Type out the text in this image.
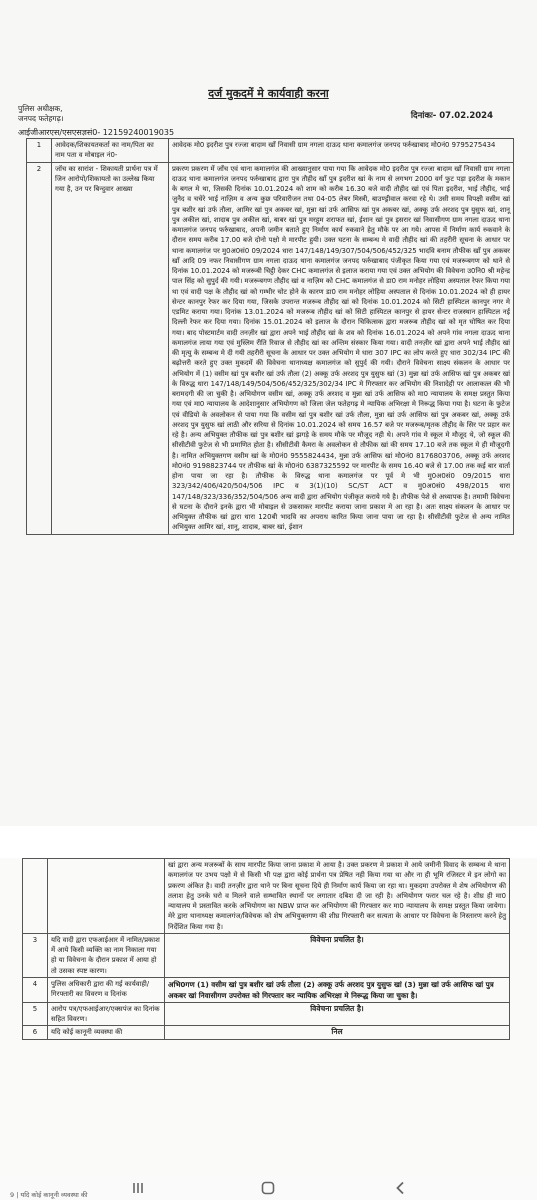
दर्ज मुकदमें मे कार्यवाही करना
पुलिस अधीक्षक,
जनपद फतेहगढ़।	दिनांकः- 07.02.2024
आईजीआरएस/एसएसज्ञसं0- 12159240019035
1	आवेदक/शिकायतकर्ता का नाम/पिता का नाम पता व मोबाइल नं0-	आवेदक मो0 इदरीश पुत्र रज्जा बादाम खाँ निवासी ग्राम नगला दाऊद थाना कमालगंज जनपद फर्रुखाबाद मो0नं0 9795275434
2	जॉच का सारांश - शिकायती प्रार्थना पत्र में जिन आरोपो/शिकायतो का उल्लेख किया गया है, उन पर बिन्दुवार आख्या	प्रकरण प्रकरण में जाँच एवं थाना कमालगंज की आख्यानुसार पाया गया कि आवेदक मो0 इदरीश पुत्र रज्जा बादाम खाँ निवासी ग्राम नगला दाऊद थाना कमालगंज जनपद फर्रुखाबाद द्वारा पुत्र तौहीद खाँ पुत्र इदरीश खां के नाम से लगभग 2000 वर्ग फुट पड़ा इदरीश के मकान के बगल मे था, जिसकी दिनांक 10.01.2024 को शाम को करीब 16.30 बजे वादी तौहीद खां एवं पिता इदरीश, भाई तौहीद, भाई जुनैद व चचेरे भाई नाज़िम व अन्य कुछ परिवारीजन तथा 04-05 लेबर मिस्त्री, बाउण्ड्रीवाल करवा रहे थे। उसी समय विपक्षी वसीम खां पुत्र बशीर खां उर्फ तौला, आमिर खां पुत्र अकबर खां, मुन्ना खां उर्फ आसिफ खां पुत्र अकबर खां, अक्कू उर्फ अरशद पुत्र युसुफ खां, शानू पुत्र अकील खां, शादाब पुत्र अकील खां, बाबर खां पुत्र मरहूम शराफत खां, ईशान खां पुत्र इसरार खां निवासीगण ग्राम नगला दाऊद थाना कमालगंज जनपद फर्रुखाबाद, अपनी जमीन बताते हुए निर्माण कार्य रुकवाने हेतु मौके पर आ गये। आपस में निर्माण कार्य रुकवाने के दौरान समय करीब 17.00 बजे दोनो पक्षो मे मारपीट हुयी। उक्त घटना के सम्बन्ध मे वादी तौहीद खां की तहरीरी सूचना के आधार पर थाना कमालगंज पर मु0अ0सं0 09/2024 धारा 147/148/149/307/504/506/452/325 भादवि बनाम तौफीक खाँ पुत्र अकबर खाँ आदि 09 नफर निवासीगण ग्राम नगला दाऊद थाना कमालगंज जनपद फर्रुखाबाद पंजीकृत किया गया एवं मजरूबगण को थाने से दिनांक 10.01.2024 को मजरूबी चिट्ठी देकर CHC कमालगंज से इलाज कराया गया एवं उक्त अभियोग की विवेचना उ0नि0 श्री महेन्द्र पाल सिंह को सुपुर्द की गयी। मजरूबगण तौहीद खां व नाज़िम को CHC कमालगंज से डा0 राम मनोहर लोहिया अस्पताल रेफर किया गया था एवं वादी पक्ष के तौहीद खां को गम्भीर चोट होने के कारण डा0 राम मनोहर लोहिया अस्पताल से दिनांक 10.01.2024 को ही हायर सेन्टर कानपुर रेफर कर दिया गया, जिसके उपरान्त मजरूब तौहीद खां को दिनांक 10.01.2024 को सिटी हास्पिटल कानपुर नगर मे एडमिट कराया गया। दिनांक 13.01.2024 को मजरूब तौहीद खां को सिटी हास्पिटल कानपुर से हायर सेन्टर राजस्थान हास्पिटल नई दिल्ली रेफर कर दिया गया। दिनांक 15.01.2024 को इलाज के दौरान चिकित्सक द्वारा मजरूब तौहीद खां को मृत घोषित कर दिया गया। बाद पोस्टमार्टम वादी तनज़ीर खां द्वारा अपने भाई तौहीद खां के शव को दिनांक 16.01.2024 को अपने गांव नगला दाऊद थाना कमालगंज लाया गया एवं मुस्लिम रीति रिवाज से तौहीद खां का अन्तिम संस्कार किया गया। वादी तनज़ीर खां द्वारा अपने भाई तौहीद खां की मृत्यु के सम्बन्ध मे दी गयी तहरीरी सूचना के आधार पर उक्त अभियोग मे धारा 307 IPC का लोप करते हुए धारा 302/34 IPC की बढ़ोत्तरी करते हुए उक्त मुकदमें की विवेचना थानाध्यक्ष कमालगंज को सुपुर्द की गयी। दौराने विवेचना साक्ष्य संकलन के आधार पर अभियोग में (1) वसीम खां पुत्र बशीर खां उर्फ तौला (2) अक्कू उर्फ अरशद पुत्र युसुफ खां (3) मुन्ना खां उर्फ आसिफ खां पुत्र अकबर खां के विरुद्ध धारा 147/148/149/504/506/452/325/302/34 IPC मे गिरफ्तार कर अभियोग की निशादेही पर आलाकत्ल की भी बरामदगी की जा चुकी है। अभियोगण वसीम खां, अक्कू उर्फ अरशद व मुन्ना खां उर्फ आसिफ को मा0 न्यायालय के समक्ष प्रस्तुत किया गया एवं मा0 न्यायालय के आदेशानुसार अभियोगण को जिला जेल फतेहगढ़ मे न्यायिक अभिरक्षा मे निरूद्ध किया गया है। घटना के फुटेज एवं वीडियो के अवलोकन से पाया गया कि वसीम खां पुत्र बशीर खां उर्फ तौला, मुन्ना खां उर्फ आसिफ खां पुत्र अकबर खां, अक्कू उर्फ अरशद पुत्र युसुफ खां लाठी और सरिया से दिनांक 10.01.2024 को समय 16.57 बजे पर मजरूब/मृतक तौहीद के सिर पर प्रहार कर रहे है। अन्य अभियुक्त तौफीक खां पुत्र बशीर खां झगड़े के समय मौके पर मौजूद नही थे। अपने गांव मे स्कूल मे मौजूद थे, जो स्कूल की सीसीटीवी फुटेज से भी प्रमाणित होता है। सीसीटीवी कैमरा के अवलोकन से तौफीक खां की समय 17.10 बजे तक स्कूल मे ही मौजूदगी है। नामित अभियुक्तगण वसीम खां के मो0नं0 9555824434, मुन्ना उर्फ आसिफ खां मो0नं0 8176803706, अक्कू उर्फ अरशद मो0नं0 9198823744 पर तौफीक खां के मो0नं0 6387325592 पर मारपीट के समय 16.40 बजे से 17.00 तक कई बार वार्ता होना पाया जा रहा है। तौफीक के विरुद्ध थाना कमालगंज पर पूर्व मे भी मु0अ0सं0 09/2015 धारा 323/342/406/420/504/506 IPC व 3(1)(10) SC/ST ACT व मु0अ0सं0 498/2015 धारा 147/148/323/336/352/504/506 अन्य वादी द्वारा अभियोग पंजीकृत कराये गये है। तौफीक पेशे से अध्यापक है। तमामी विवेचना से घटना के दौराने इनके द्वारा भी मोबाइल से उकसाकर मारपीट कराया जाना प्रकाश मे आ रहा है। अतः साक्ष्य संकलन के आधार पर अभियुक्त तौफीक खां द्वारा धारा 120बी भादवि का अपराध कारित किया जाना पाया जा रहा है। सीसीटीवी फुटेज से अन्य नामित अभियुक्त आमिर खां, शानू, शादाब, बाबर खां, ईशान
		खां द्वारा अन्य मजरूबों के साथ मारपीट किया जाना प्रकाश मे आया है। उक्त प्रकरण मे प्रकाश मे आये जमीनी विवाद के सम्बन्ध मे थाना कमालगंज पर उभय पक्षो मे से किसी भी पक्ष द्वारा कोई प्रार्थना पत्र प्रेषित नही किया गया था और ना ही भूमि रजिस्टर मे इन लोगो का प्रकरण अंकित है। वादी तनज़ीर द्वारा थाने पर बिना सूचना दिये ही निर्माण कार्य किया जा रहा था। मुकदमा उपरोक्त मे शेष अभियोगण की तलाश हेतु उनके घरो व मिलने वाले सम्भावित स्थानों पर लगातार दबिश दी जा रही है। अभियोगण फरार चल रहे है। शीघ्र ही मा0 न्यायालय मे प्रस्तावित करके अभियोगण का NBW प्राप्त कर अभियोगण की गिरफ्तार कर मा0 न्यायालय के समक्ष प्रस्तुत किया जायेगा। मेरे द्वारा थानाध्यक्ष कमालगंज/विवेचक को शेष अभियुक्तगण की शीघ्र गिरफ्तारी कर सत्यता के आधार पर विवेचना के निस्तारण करने हेतु निर्देशित किया गया है।
3	यदि वादी द्वारा एफआईआर में नामित/प्रकाश में आये किसी व्यक्ति का नाम निकाला गया हो या विवेचना के दौरान प्रकाश में आया हो तो उसका स्पष्ट कारण।	विवेचना प्रचलित है।
4	पुलिस अधिकारी द्वारा की गई कार्यवाही/गिरफ्तारी का विवरण व दिनांक	अभि0गण (1) वसीम खां पुत्र बशीर खां उर्फ तौला (2) अक्कू उर्फ अरशद पुत्र युसुफ खां (3) मुन्ना खां उर्फ आसिफ खां पुत्र अकबर खां निवासीगण उपरोक्त को गिरफ्तार कर न्यायिक अभिरक्षा मे निरूद्ध किया जा चुका है।
5	आरोप पत्र/एफआईआर/एक्सपंज का दिनांक सहित विवरण।	विवेचना प्रचलित है।
6	यदि कोई कानूनी व्यवस्था की	निल
9 | यदि कोई कानूनी व्यवस्था की
